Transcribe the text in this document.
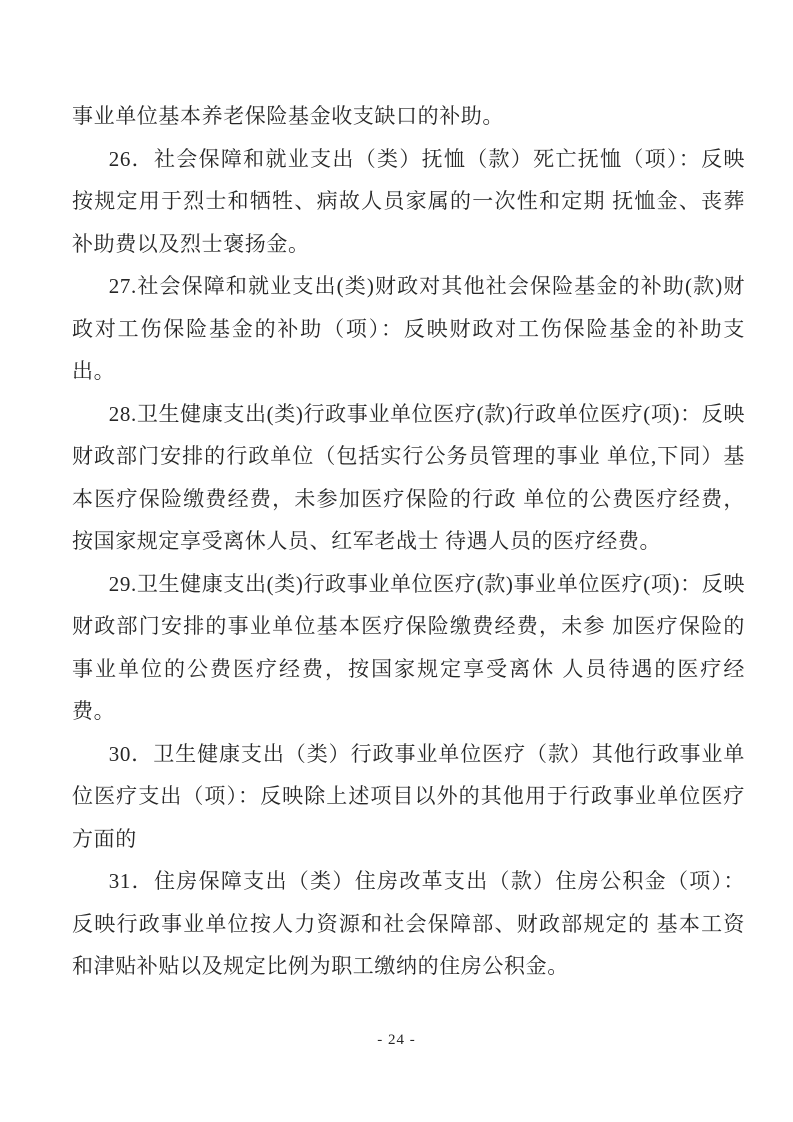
事业单位基本养老保险基金收支缺口的补助。

26．社会保障和就业支出（类）抚恤（款）死亡抚恤（项）：反映按规定用于烈士和牺牲、病故人员家属的一次性和定期 抚恤金、丧葬补助费以及烈士褒扬金。

27.社会保障和就业支出(类)财政对其他社会保险基金的补助(款)财政对工伤保险基金的补助（项）：反映财政对工伤保险基金的补助支出。

28.卫生健康支出(类)行政事业单位医疗(款)行政单位医疗(项)：反映财政部门安排的行政单位（包括实行公务员管理的事业 单位,下同）基本医疗保险缴费经费，未参加医疗保险的行政 单位的公费医疗经费，按国家规定享受离休人员、红军老战士 待遇人员的医疗经费。

29.卫生健康支出(类)行政事业单位医疗(款)事业单位医疗(项)：反映财政部门安排的事业单位基本医疗保险缴费经费，未参 加医疗保险的事业单位的公费医疗经费，按国家规定享受离休 人员待遇的医疗经费。

30．卫生健康支出（类）行政事业单位医疗（款）其他行政事业单位医疗支出（项）：反映除上述项目以外的其他用于行政事业单位医疗方面的

31．住房保障支出（类）住房改革支出（款）住房公积金（项）：反映行政事业单位按人力资源和社会保障部、财政部规定的 基本工资和津贴补贴以及规定比例为职工缴纳的住房公积金。

- 24 -
